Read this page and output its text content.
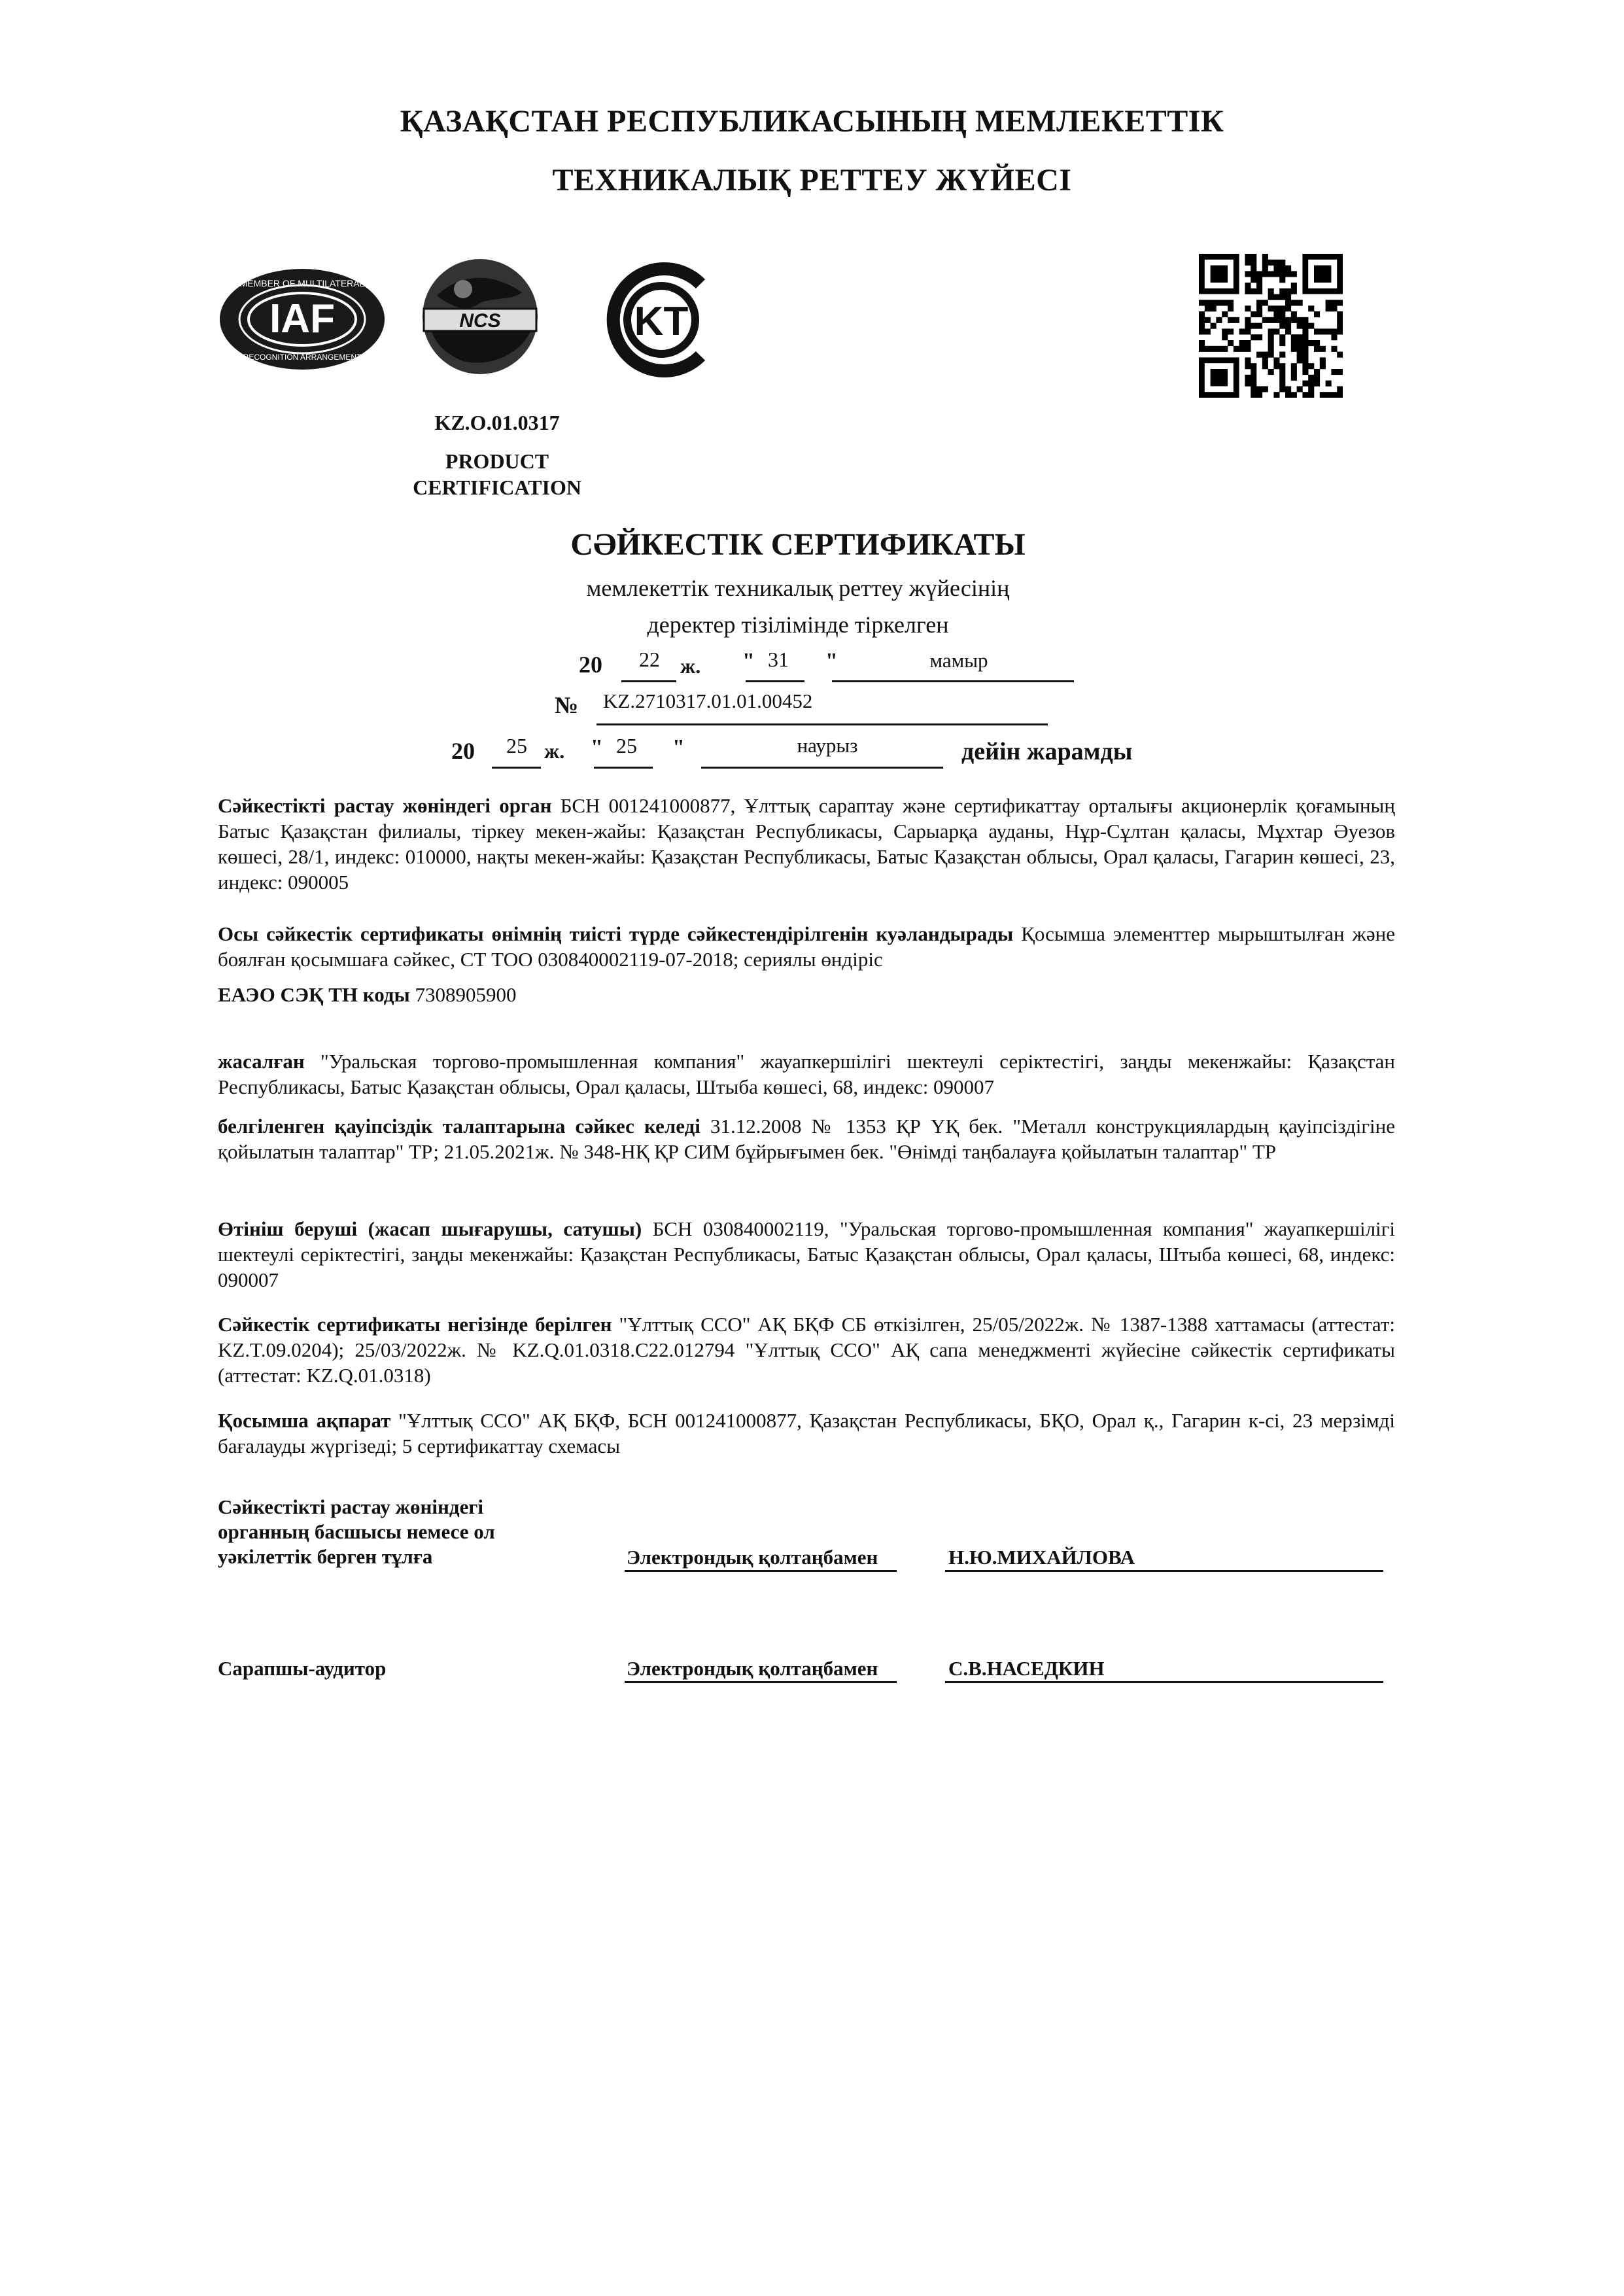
ҚАЗАҚСТАН РЕСПУБЛИКАСЫНЫҢ МЕМЛЕКЕТТІК
ТЕХНИКАЛЫҚ РЕТТЕУ ЖҮЙЕСІ
IAF
MEMBER OF MULTILATERAL
RECOGNITION ARRANGEMENT
NCS	KT
KZ.O.01.0317
PRODUCT
CERTIFICATION
СӘЙКЕСТІК СЕРТИФИКАТЫ
мемлекеттік техникалық реттеу жүйесінің
деректер тізілімінде тіркелген
20	22 ж. " 31	"	мамыр
№ KZ.2710317.01.01.00452
20	25 ж. " 25	"	наурыз	дейін жарамды
Сәйкестікті растау жөніндегі орган БСН 001241000877, Ұлттық сараптау және сертификаттау орталығы акционерлік қоғамының Батыс Қазақстан филиалы, тіркеу мекен-жайы: Қазақстан Республикасы, Сарыарқа ауданы, Нұр-Сұлтан қаласы, Мұхтар Әуезов көшесі, 28/1, индекс: 010000, нақты мекен-жайы: Қазақстан Республикасы, Батыс Қазақстан облысы, Орал қаласы, Гагарин көшесі, 23, индекс: 090005
Осы сәйкестік сертификаты өнімнің тиісті түрде сәйкестендірілгенін куәландырады Қосымша элементтер мырыштылған және боялған қосымшаға сәйкес, СТ ТОО 030840002119-07-2018; сериялы өндіріс
ЕАЭО СЭҚ ТН коды 7308905900
жасалған "Уральская торгово-промышленная компания" жауапкершілігі шектеулі серіктестігі, заңды мекенжайы: Қазақстан Республикасы, Батыс Қазақстан облысы, Орал қаласы, Штыба көшесі, 68, индекс: 090007
белгіленген қауіпсіздік талаптарына сәйкес келеді 31.12.2008 № 1353 ҚР ҮҚ бек. "Металл конструкциялардың қауіпсіздігіне қойылатын талаптар" ТР; 21.05.2021ж. № 348-НҚ ҚР СИМ бұйрығымен бек. "Өнімді таңбалауға қойылатын талаптар" ТР
Өтініш беруші (жасап шығарушы, сатушы) БСН 030840002119, "Уральская торгово-промышленная компания" жауапкершілігі шектеулі серіктестігі, заңды мекенжайы: Қазақстан Республикасы, Батыс Қазақстан облысы, Орал қаласы, Штыба көшесі, 68, индекс: 090007
Сәйкестік сертификаты негізінде берілген "Ұлттық ССО" АҚ БҚФ СБ өткізілген, 25/05/2022ж. № 1387-1388 хаттамасы (аттестат: KZ.T.09.0204); 25/03/2022ж. № KZ.Q.01.0318.C22.012794 "Ұлттық ССО" АҚ сапа менеджменті жүйесіне сәйкестік сертификаты (аттестат: KZ.Q.01.0318)
Қосымша ақпарат "Ұлттық ССО" АҚ БҚФ, БСН 001241000877, Қазақстан Республикасы, БҚО, Орал қ., Гагарин к-сі, 23 мерзімді бағалауды жүргізеді; 5 сертификаттау схемасы
Сәйкестікті растау жөніндегі
органның басшысы немесе ол
уәкілеттік берген тұлға	Электрондық қолтаңбамен	Н.Ю.МИХАЙЛОВА
Сарапшы-аудитор	Электрондық қолтаңбамен	С.В.НАСЕДКИН
